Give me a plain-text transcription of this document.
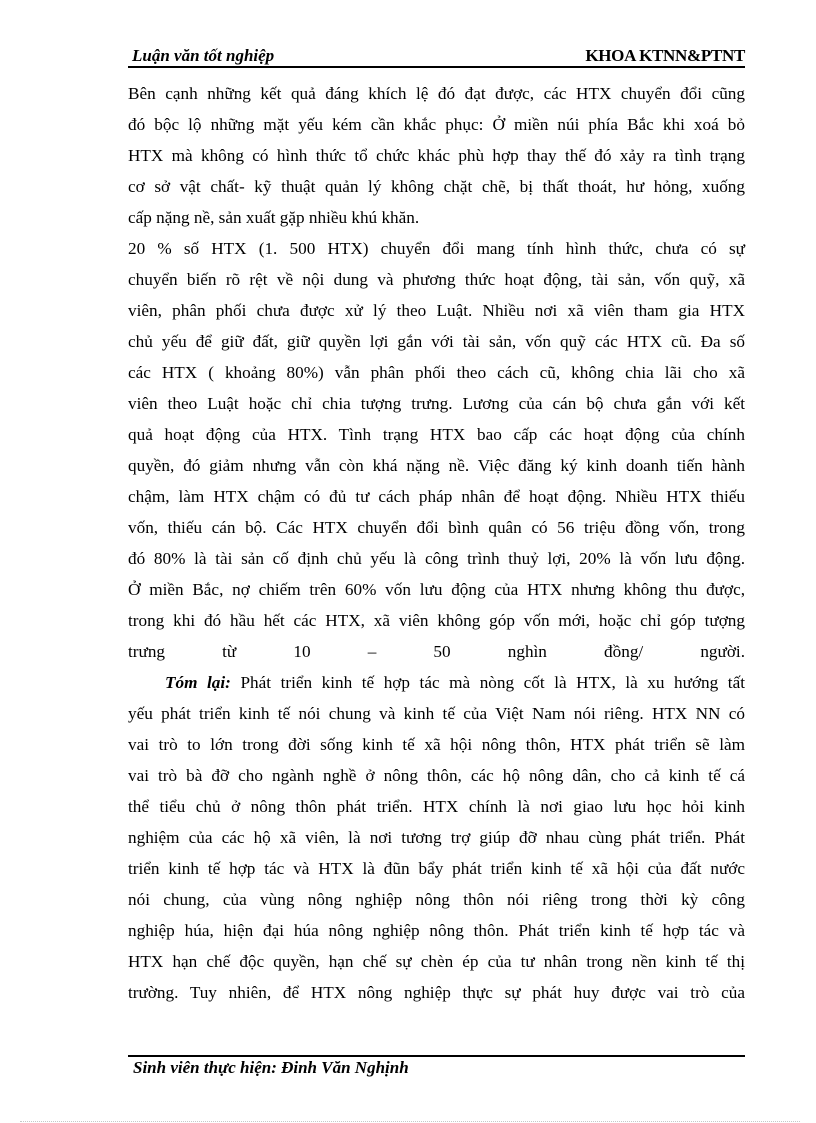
Luận văn tốt nghiệp	KHOA KTNN&PTNT
Bên cạnh những kết quả đáng khích lệ đó đạt được, các HTX chuyển đổi cũng
đó bộc lộ những mặt yếu kém cần khắc phục: Ở miền núi phía Bắc khi xoá bỏ
HTX mà không có hình thức tổ chức khác phù hợp thay thế đó xảy ra tình trạng
cơ sở vật chất- kỹ thuật quản lý không chặt chẽ, bị thất thoát, hư hỏng, xuống
cấp nặng nề, sản xuất gặp nhiều khú khăn.
20 % số HTX (1. 500 HTX) chuyển đổi mang tính hình thức, chưa có sự
chuyển biến rõ rệt về nội dung và phương thức hoạt động, tài sản, vốn quỹ, xã
viên, phân phối chưa được xử lý theo Luật. Nhiều nơi xã viên tham gia HTX
chủ yếu để giữ đất, giữ quyền lợi gắn với tài sản, vốn quỹ các HTX cũ. Đa số
các HTX ( khoảng 80%) vẫn phân phối theo cách cũ, không chia lãi cho xã
viên theo Luật hoặc chỉ chia tượng trưng. Lương của cán bộ chưa gắn với kết
quả hoạt động của HTX. Tình trạng HTX bao cấp các hoạt động của chính
quyền, đó giảm nhưng vẫn còn khá nặng nề. Việc đăng ký kinh doanh tiến hành
chậm, làm HTX chậm có đủ tư cách pháp nhân để hoạt động. Nhiều HTX thiếu
vốn, thiếu cán bộ. Các HTX chuyển đổi bình quân có 56 triệu đồng vốn, trong
đó 80% là tài sản cố định chủ yếu là công trình thuỷ lợi, 20% là vốn lưu động.
Ở miền Bắc, nợ chiếm trên 60% vốn lưu động của HTX nhưng không thu được,
trong khi đó hầu hết các HTX, xã viên không góp vốn mới, hoặc chỉ góp tượng
trưng từ 10 – 50 nghìn đồng/ người.
Tóm lại: Phát triển kinh tế hợp tác mà nòng cốt là HTX, là xu hướng tất
yếu phát triển kinh tế nói chung và kinh tế của Việt Nam nói riêng. HTX NN có
vai trò to lớn trong đời sống kinh tế xã hội nông thôn, HTX phát triển sẽ làm
vai trò bà đỡ cho ngành nghề ở nông thôn, các hộ nông dân, cho cả kinh tế cá
thể tiểu chủ ở nông thôn phát triển. HTX chính là nơi giao lưu học hỏi kinh
nghiệm của các hộ xã viên, là nơi tương trợ giúp đỡ nhau cùng phát triển. Phát
triển kinh tế hợp tác và HTX là đũn bẩy phát triển kinh tế xã hội của đất nước
nói chung, của vùng nông nghiệp nông thôn nói riêng trong thời kỳ công
nghiệp húa, hiện đại húa nông nghiệp nông thôn. Phát triển kinh tế hợp tác và
HTX hạn chế độc quyền, hạn chế sự chèn ép của tư nhân trong nền kinh tế thị
trường. Tuy nhiên, để HTX nông nghiệp thực sự phát huy được vai trò của
Sinh viên thực hiện: Đinh Văn Nghịnh
